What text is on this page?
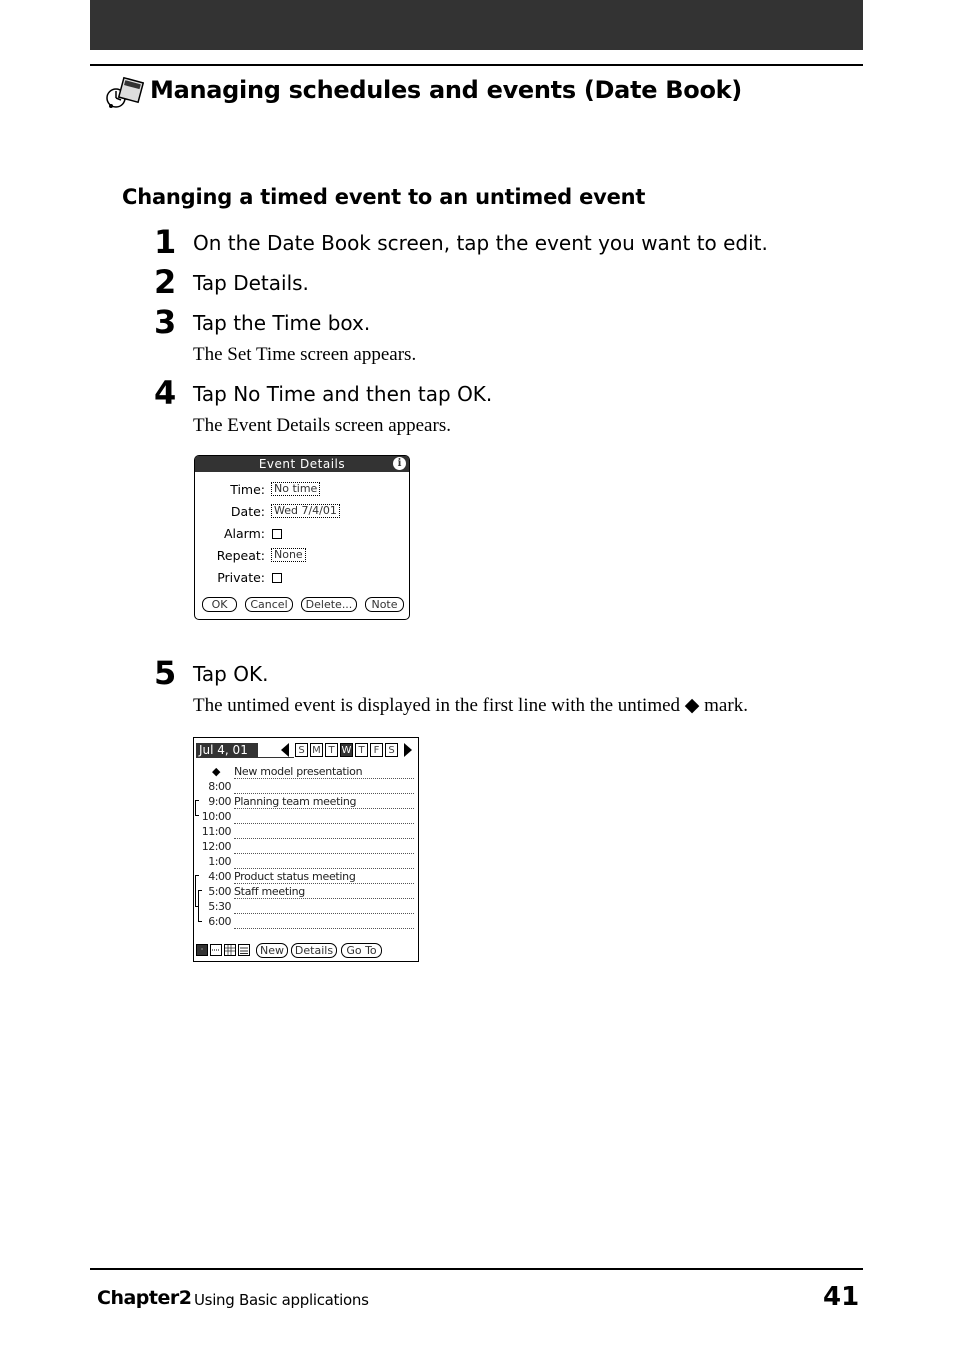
Managing schedules and events (Date Book)
Changing a timed event to an untimed event
1 On the Date Book screen, tap the event you want to edit.
2 Tap Details.
3 Tap the Time box.
The Set Time screen appears.
4 Tap No Time and then tap OK.
The Event Details screen appears.
Event Details	i
Time: No time
Date: Wed 7/4/01
Alarm:
Repeat: None
Private:
OK	Cancel	Delete...	Note
5 Tap OK.
The untimed event is displayed in the first line with the untimed ◆ mark.
Jul 4, 01	S M T W T F S
◆ New model presentation
8:00
9:00 Planning team meeting
10:00
11:00
12:00
1:00
4:00 Product status meeting
5:00 Staff meeting
5:30
6:00
·	New Details	Go To
Chapter2 Using Basic applications	41
